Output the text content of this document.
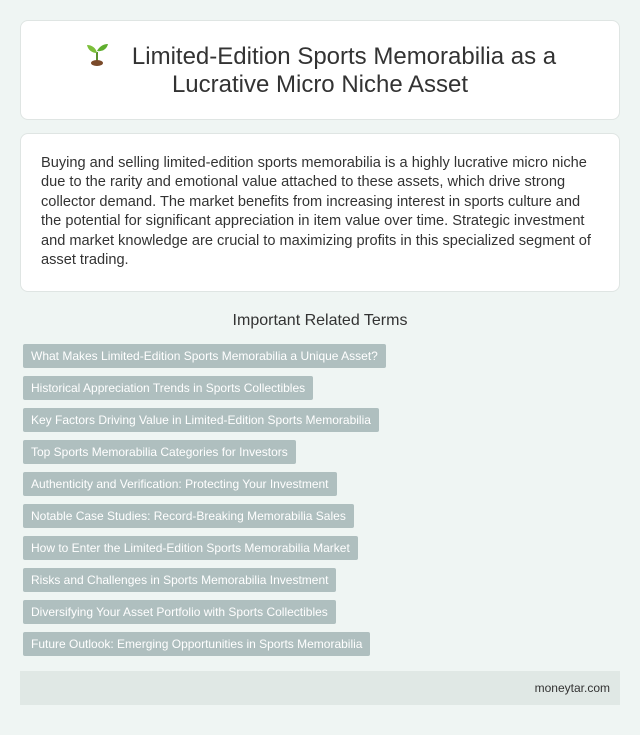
Limited-Edition Sports Memorabilia as a Lucrative Micro Niche Asset

Buying and selling limited-edition sports memorabilia is a highly lucrative micro niche due to the rarity and emotional value attached to these assets, which drive strong collector demand. The market benefits from increasing interest in sports culture and the potential for significant appreciation in item value over time. Strategic investment and market knowledge are crucial to maximizing profits in this specialized segment of asset trading.

Important Related Terms
What Makes Limited-Edition Sports Memorabilia a Unique Asset?
Historical Appreciation Trends in Sports Collectibles
Key Factors Driving Value in Limited-Edition Sports Memorabilia
Top Sports Memorabilia Categories for Investors
Authenticity and Verification: Protecting Your Investment
Notable Case Studies: Record-Breaking Memorabilia Sales
How to Enter the Limited-Edition Sports Memorabilia Market
Risks and Challenges in Sports Memorabilia Investment
Diversifying Your Asset Portfolio with Sports Collectibles
Future Outlook: Emerging Opportunities in Sports Memorabilia
moneytar.com
